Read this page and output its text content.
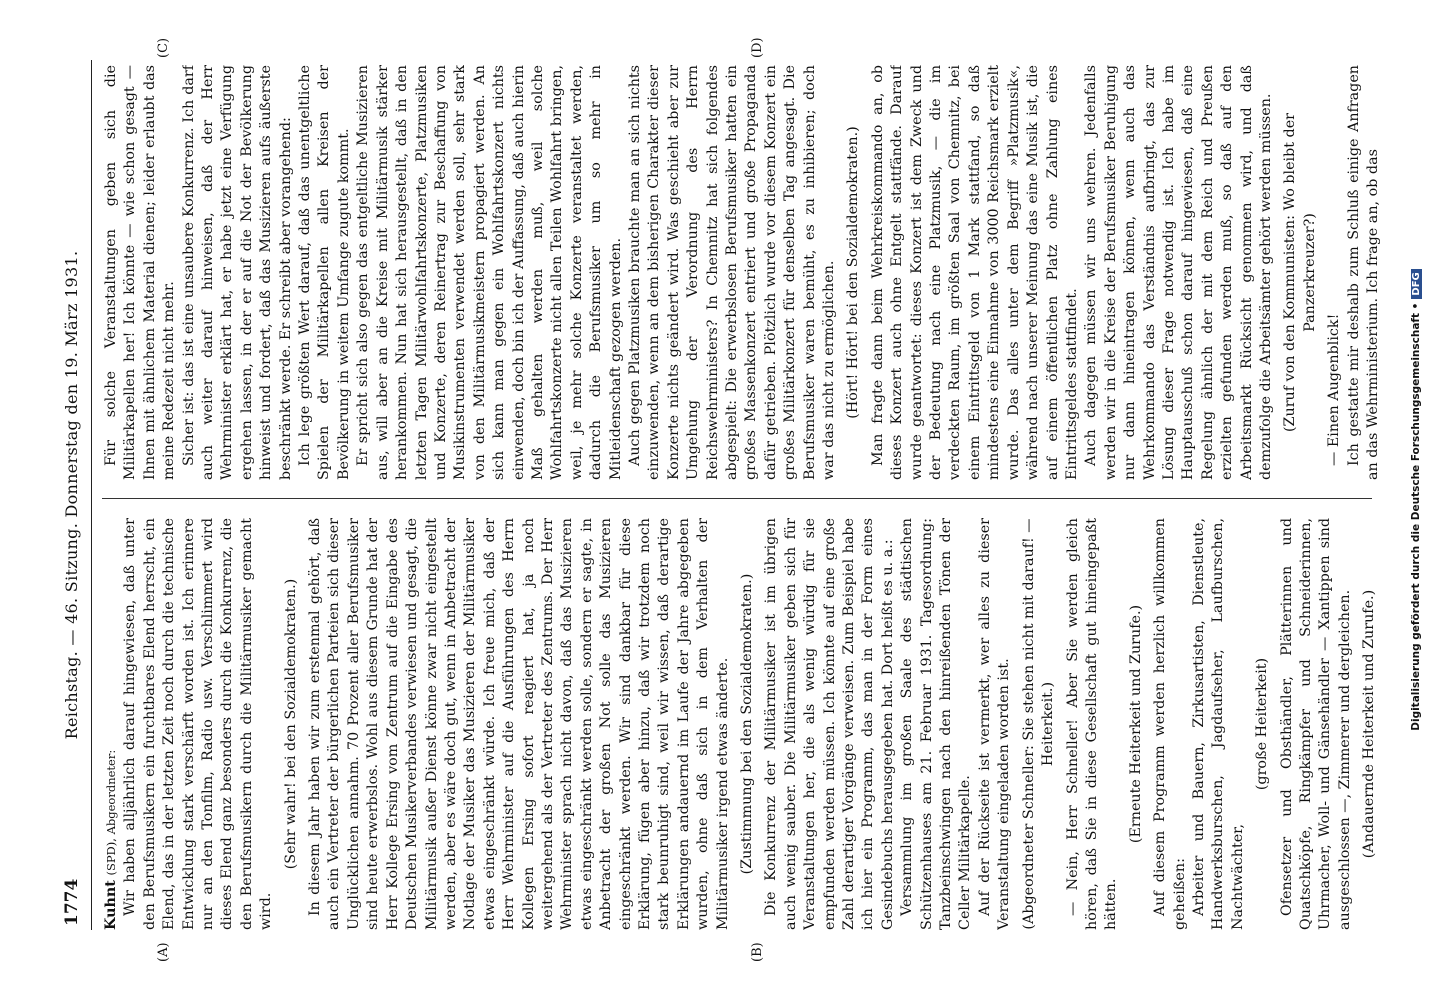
1774
Reichstag. — 46. Sitzung. Donnerstag den 19. März 1931.
(A)	(B)
(C)	(D)

Kuhnt (SPD), Abgeordneter: Wir haben alljährlich darauf hingewiesen, daß unter den Berufsmusikern ein furchtbares Elend herrscht, ein Elend, das in der letzten Zeit noch durch die technische Entwicklung stark verschärft worden ist. Ich erinnere nur an den Tonfilm, Radio usw. Verschlimmert wird dieses Elend ganz besonders durch die Konkurrenz, die den Berufsmusikern durch die Militärmusiker gemacht wird.

(Sehr wahr! bei den Sozialdemokraten.) In diesem Jahr haben wir zum erstenmal gehört, daß auch ein Vertreter der bürgerlichen Parteien sich dieser Unglücklichen annahm. 70 Prozent aller Berufsmusiker sind heute erwerbslos. Wohl aus diesem Grunde hat der Herr Kollege Ersing vom Zentrum auf die Eingabe des Deutschen Musikerverbandes verwiesen und gesagt, die Militärmusik außer Dienst könne zwar nicht eingestellt werden, aber es wäre doch gut, wenn in Anbetracht der Notlage der Musiker das Musizieren der Militärmusiker etwas eingeschränkt würde. Ich freue mich, daß der Herr Wehrminister auf die Ausführungen des Herrn Kollegen Ersing sofort reagiert hat, ja noch weitergehend als der Vertreter des Zentrums. Der Herr Wehrminister sprach nicht davon, daß das Musizieren etwas eingeschränkt werden solle, sondern er sagte, in Anbetracht der großen Not solle das Musizieren eingeschränkt werden. Wir sind dankbar für diese Erklärung, fügen aber hinzu, daß wir trotzdem noch stark beunruhigt sind, weil wir wissen, daß derartige Erklärungen andauernd im Laufe der Jahre abgegeben wurden, ohne daß sich in dem Verhalten der Militärmusiker irgend etwas änderte. (Zustimmung bei den Sozialdemokraten.) Die Konkurrenz der Militärmusiker ist im übrigen auch wenig sauber. Die Militärmusiker geben sich für Veranstaltungen her, die als wenig würdig für sie empfunden werden müssen. Ich könnte auf eine große Zahl derartiger Vorgänge verweisen. Zum Beispiel habe ich hier ein Programm, das man in der Form eines Gesindebuchs herausgegeben hat. Dort heißt es u. a.: Versammlung im großen Saale des städtischen Schützenhauses am 21. Februar 1931. Tagesordnung: Tanzbeinschwingen nach den hinreißenden Tönen der Celler Militärkapelle. Auf der Rückseite ist vermerkt, wer alles zu dieser Veranstaltung eingeladen worden ist. (Abgeordneter Schneller: Sie stehen nicht mit darauf! — Heiterkeit.) — Nein, Herr Schneller! Aber Sie werden gleich hören, daß Sie in diese Gesellschaft gut hineingepaßt hätten.

(Erneute Heiterkeit und Zurufe.) Auf diesem Programm werden herzlich willkommen geheißen: Arbeiter und Bauern, Zirkusartisten, Dienstleute, Handwerksburschen, Jagdaufseher, Laufburschen, Nachtwächter,

(große Heiterkeit) Ofensetzer und Obsthändler, Plätterinnen und Quatschköpfe, Ringkämpfer und Schneiderinnen, Uhrmacher, Woll- und Gänsehändler — Xantippen sind ausgeschlossen —, Zimmerer und dergleichen. (Andauernde Heiterkeit und Zurufe.)

Für solche Veranstaltungen geben sich die Militärkapellen her! Ich könnte — wie schon gesagt — Ihnen mit ähnlichem Material dienen; leider erlaubt das meine Redezeit nicht mehr. Sicher ist: das ist eine unsaubere Konkurrenz. Ich darf auch weiter darauf hinweisen, daß der Herr Wehrminister erklärt hat, er habe jetzt eine Verfügung ergehen lassen, in der er auf die Not der Bevölkerung hinweist und fordert, daß das Musizieren aufs äußerste beschränkt werde. Er schreibt aber vorangehend: Ich lege größten Wert darauf, daß das unentgeltliche Spielen der Militärkapellen allen Kreisen der Bevölkerung in weitem Umfange zugute kommt. Er spricht sich also gegen das entgeltliche Musizieren aus, will aber an die Kreise mit Militärmusik stärker herankommen. Nun hat sich herausgestellt, daß in den letzten Tagen Militärwohlfahrtskonzerte, Platzmusiken und Konzerte, deren Reinertrag zur Beschaffung von Musikinstrumenten verwendet werden soll, sehr stark von den Militärmusikmeistern propagiert werden. An sich kann man gegen ein Wohlfahrtskonzert nichts einwenden, doch bin ich der Auffassung, daß auch hierin Maß gehalten werden muß, weil solche Wohlfahrtskonzerte nicht allen Teilen Wohlfahrt bringen, weil, je mehr solche Konzerte veranstaltet werden, dadurch die Berufsmusiker um so mehr in Mitleidenschaft gezogen werden. Auch gegen Platzmusiken brauchte man an sich nichts einzuwenden, wenn an dem bisherigen Charakter dieser Konzerte nichts geändert wird. Was geschieht aber zur Umgehung der Verordnung des Herrn Reichswehrministers? In Chemnitz hat sich folgendes abgespielt: Die erwerbslosen Berufsmusiker hatten ein großes Massenkonzert entriert und große Propaganda dafür getrieben. Plötzlich wurde vor diesem Konzert ein großes Militärkonzert für denselben Tag angesagt. Die Berufsmusiker waren bemüht, es zu inhibieren; doch war das nicht zu ermöglichen. (Hört! Hört! bei den Sozialdemokraten.) Man fragte dann beim Wehrkreiskommando an, ob dieses Konzert auch ohne Entgelt stattfände. Darauf wurde geantwortet: dieses Konzert ist dem Zweck und der Bedeutung nach eine Platzmusik, — die im verdeckten Raum, im größten Saal von Chemnitz, bei einem Eintrittsgeld von 1 Mark stattfand, so daß mindestens eine Einnahme von 3000 Reichsmark erzielt wurde. Das alles unter dem Begriff »Platzmusik«, während nach unserer Meinung das eine Musik ist, die auf einem öffentlichen Platz ohne Zahlung eines Eintrittsgeldes stattfindet. Auch dagegen müssen wir uns wehren. Jedenfalls werden wir in die Kreise der Berufsmusiker Beruhigung nur dann hineintragen können, wenn auch das Wehrkommando das Verständnis aufbringt, das zur Lösung dieser Frage notwendig ist. Ich habe im Hauptausschuß schon darauf hingewiesen, daß eine Regelung ähnlich der mit dem Reich und Preußen erzielten gefunden werden muß, so daß auf den Arbeitsmarkt Rücksicht genommen wird, und daß demzufolge die Arbeitsämter gehört werden müssen. (Zuruf von den Kommunisten: Wo bleibt der Panzerkreuzer?)

— Einen Augenblick! Ich gestatte mir deshalb zum Schluß einige Anfragen an das Wehrministerium. Ich frage an, ob das	Digitalisierung gefördert durch die Deutsche Forschungsgemeinschaft •DFG
